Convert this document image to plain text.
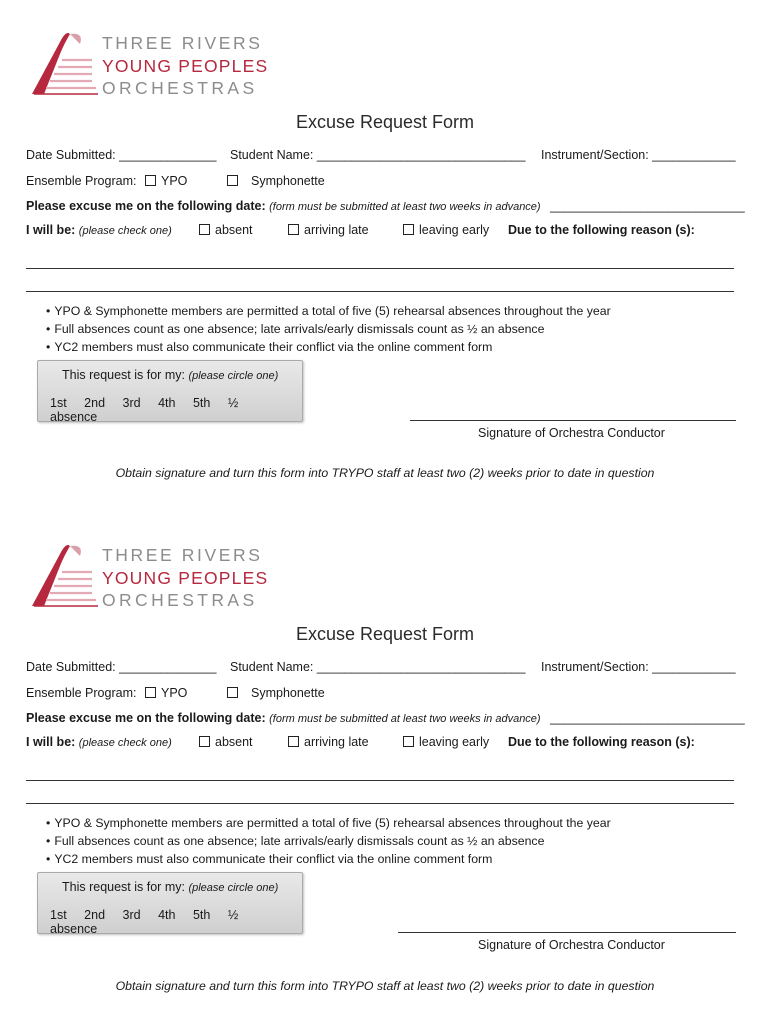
THREE RIVERS
YOUNG PEOPLES
ORCHESTRAS
Excuse Request Form
Date Submitted: ______________ Student Name: ______________________________ Instrument/Section: ____________
Ensemble Program:	YPO	Symphonette
Please excuse me on the following date: (form must be submitted at least two weeks in advance) ____________________________
I will be: (please check one)	absent	arriving late	leaving early Due to the following reason (s):
• YPO & Symphonette members are permitted a total of five (5) rehearsal absences throughout the year
• Full absences count as one absence; late arrivals/early dismissals count as ½ an absence
• YC2 members must also communicate their conflict via the online comment form
This request is for my: (please circle one)
1st 2nd 3rd 4th 5th ½ absence
Signature of Orchestra Conductor
Obtain signature and turn this form into TRYPO staff at least two (2) weeks prior to date in question
THREE RIVERS
YOUNG PEOPLES
ORCHESTRAS
Excuse Request Form
Date Submitted: ______________ Student Name: ______________________________ Instrument/Section: ____________
Ensemble Program:	YPO	Symphonette
Please excuse me on the following date: (form must be submitted at least two weeks in advance) ____________________________
I will be: (please check one)	absent	arriving late	leaving early Due to the following reason (s):
• YPO & Symphonette members are permitted a total of five (5) rehearsal absences throughout the year
• Full absences count as one absence; late arrivals/early dismissals count as ½ an absence
• YC2 members must also communicate their conflict via the online comment form
This request is for my: (please circle one)
1st 2nd 3rd 4th 5th ½ absence
Signature of Orchestra Conductor
Obtain signature and turn this form into TRYPO staff at least two (2) weeks prior to date in question
